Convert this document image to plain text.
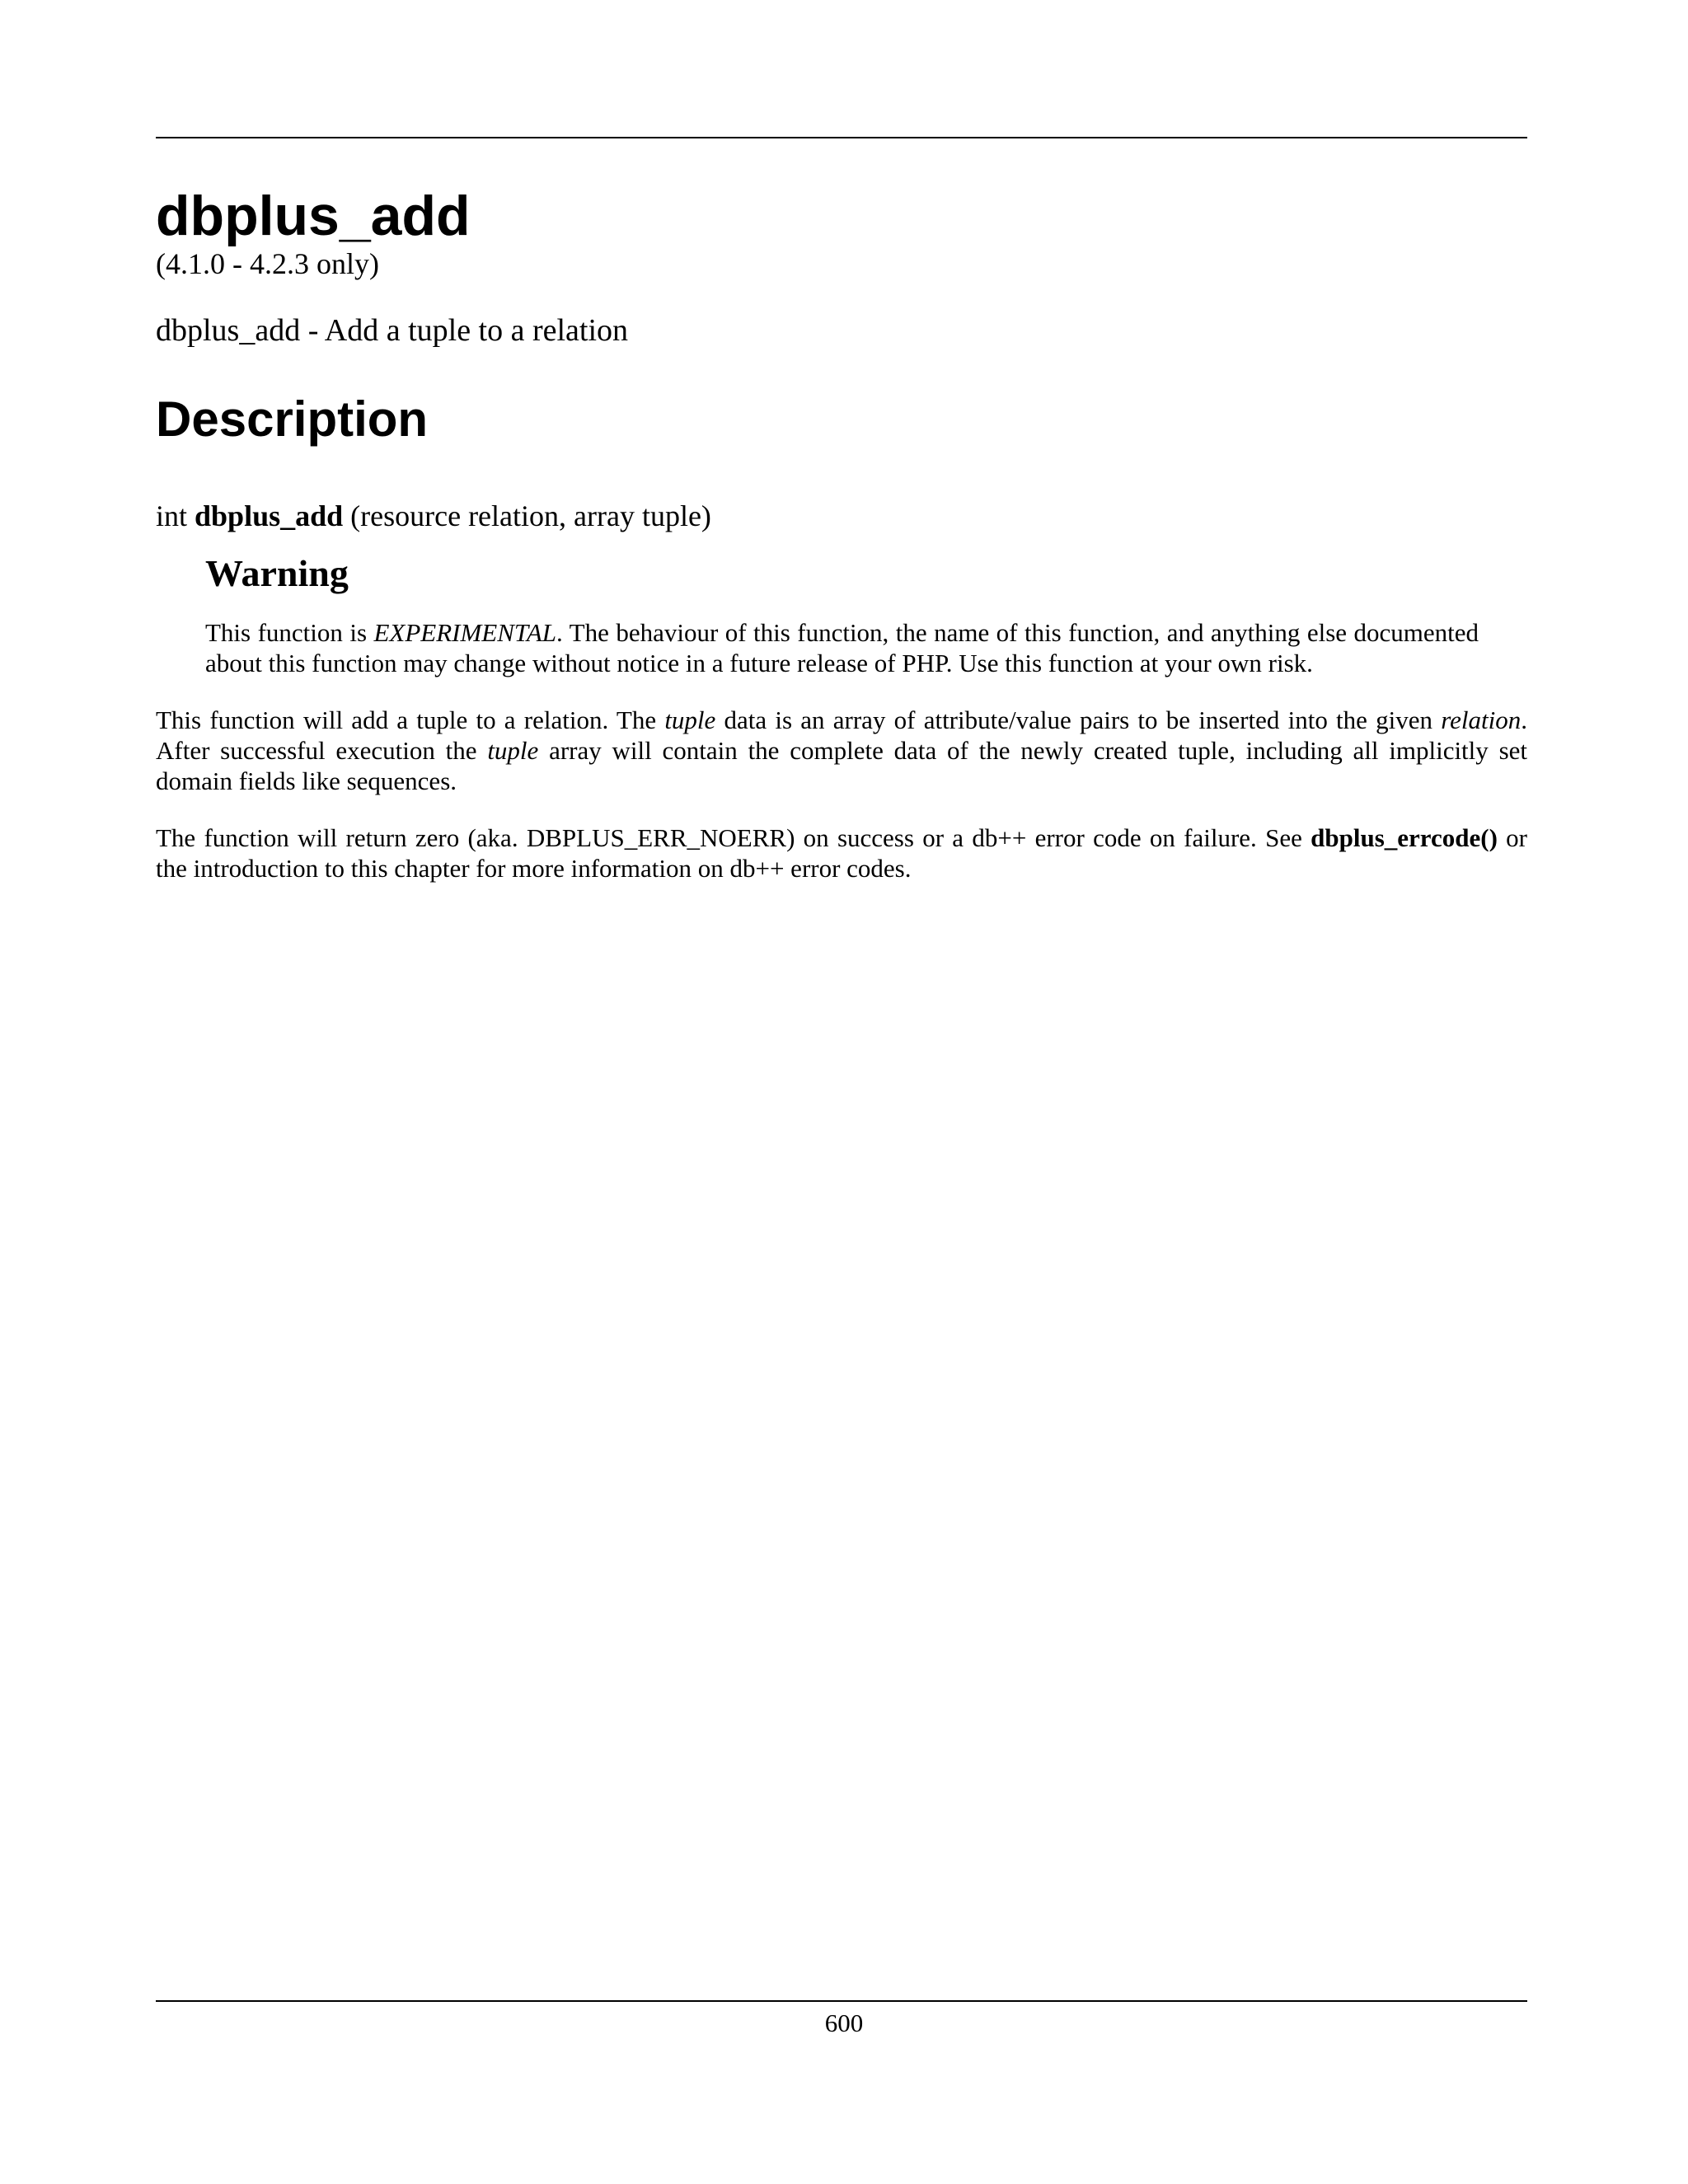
dbplus_add

(4.1.0 - 4.2.3 only)

dbplus_add - Add a tuple to a relation

Description

int dbplus_add (resource relation, array tuple)

Warning

This function is EXPERIMENTAL. The behaviour of this function, the name of this function, and anything else documented about this function may change without notice in a future release of PHP. Use this function at your own risk.

This function will add a tuple to a relation. The tuple data is an array of attribute/value pairs to be inserted into the given relation. After successful execution the tuple array will contain the complete data of the newly created tuple, including all implicitly set domain fields like sequences.

The function will return zero (aka. DBPLUS_ERR_NOERR) on success or a db++ error code on failure. See dbplus_errcode() or the introduction to this chapter for more information on db++ error codes.

600
